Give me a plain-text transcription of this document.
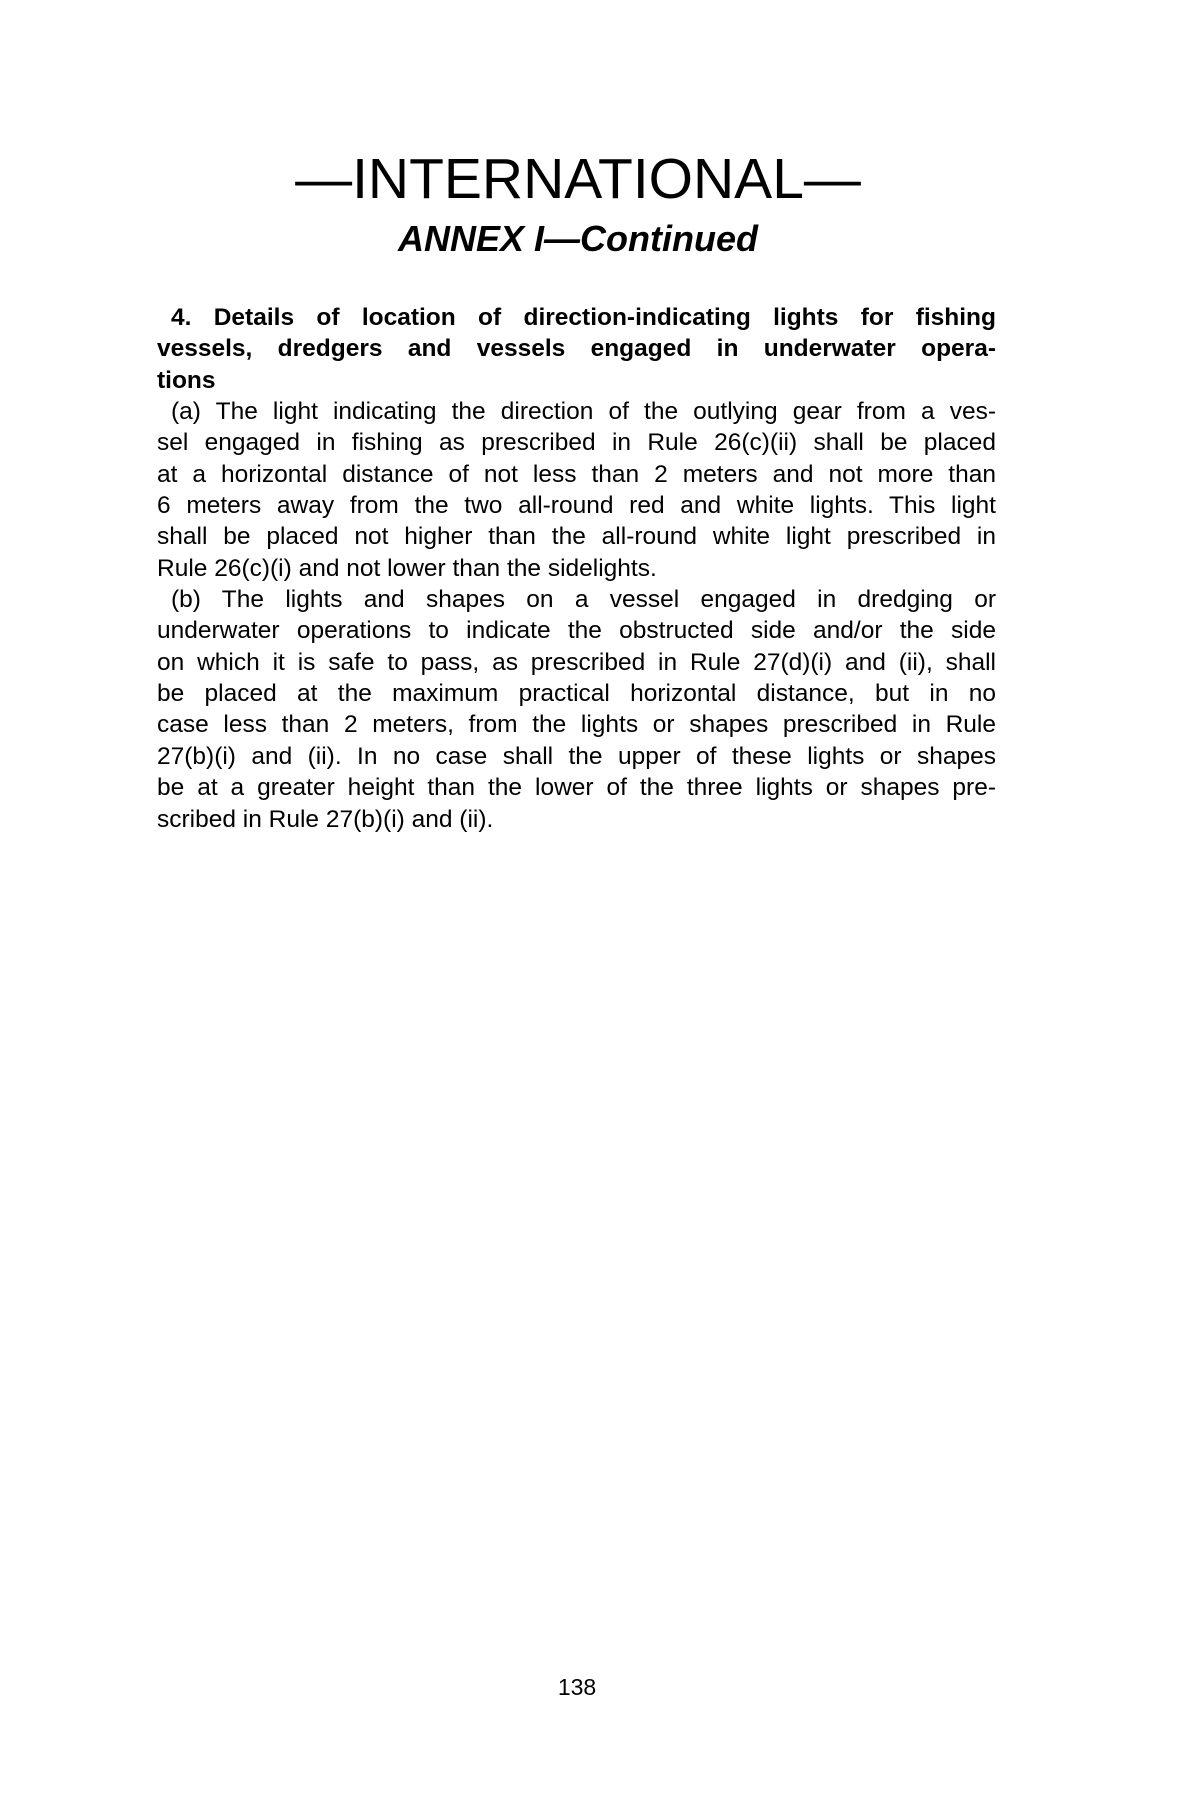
—INTERNATIONAL—
ANNEX I—Continued
4. Details of location of direction-indicating lights for fishing
vessels, dredgers and vessels engaged in underwater opera-
tions
(a) The light indicating the direction of the outlying gear from a ves-
sel engaged in fishing as prescribed in Rule 26(c)(ii) shall be placed
at a horizontal distance of not less than 2 meters and not more than
6 meters away from the two all-round red and white lights. This light
shall be placed not higher than the all-round white light prescribed in
Rule 26(c)(i) and not lower than the sidelights.
(b) The lights and shapes on a vessel engaged in dredging or
underwater operations to indicate the obstructed side and/or the side
on which it is safe to pass, as prescribed in Rule 27(d)(i) and (ii), shall
be placed at the maximum practical horizontal distance, but in no
case less than 2 meters, from the lights or shapes prescribed in Rule
27(b)(i) and (ii). In no case shall the upper of these lights or shapes
be at a greater height than the lower of the three lights or shapes pre-
scribed in Rule 27(b)(i) and (ii).
138
